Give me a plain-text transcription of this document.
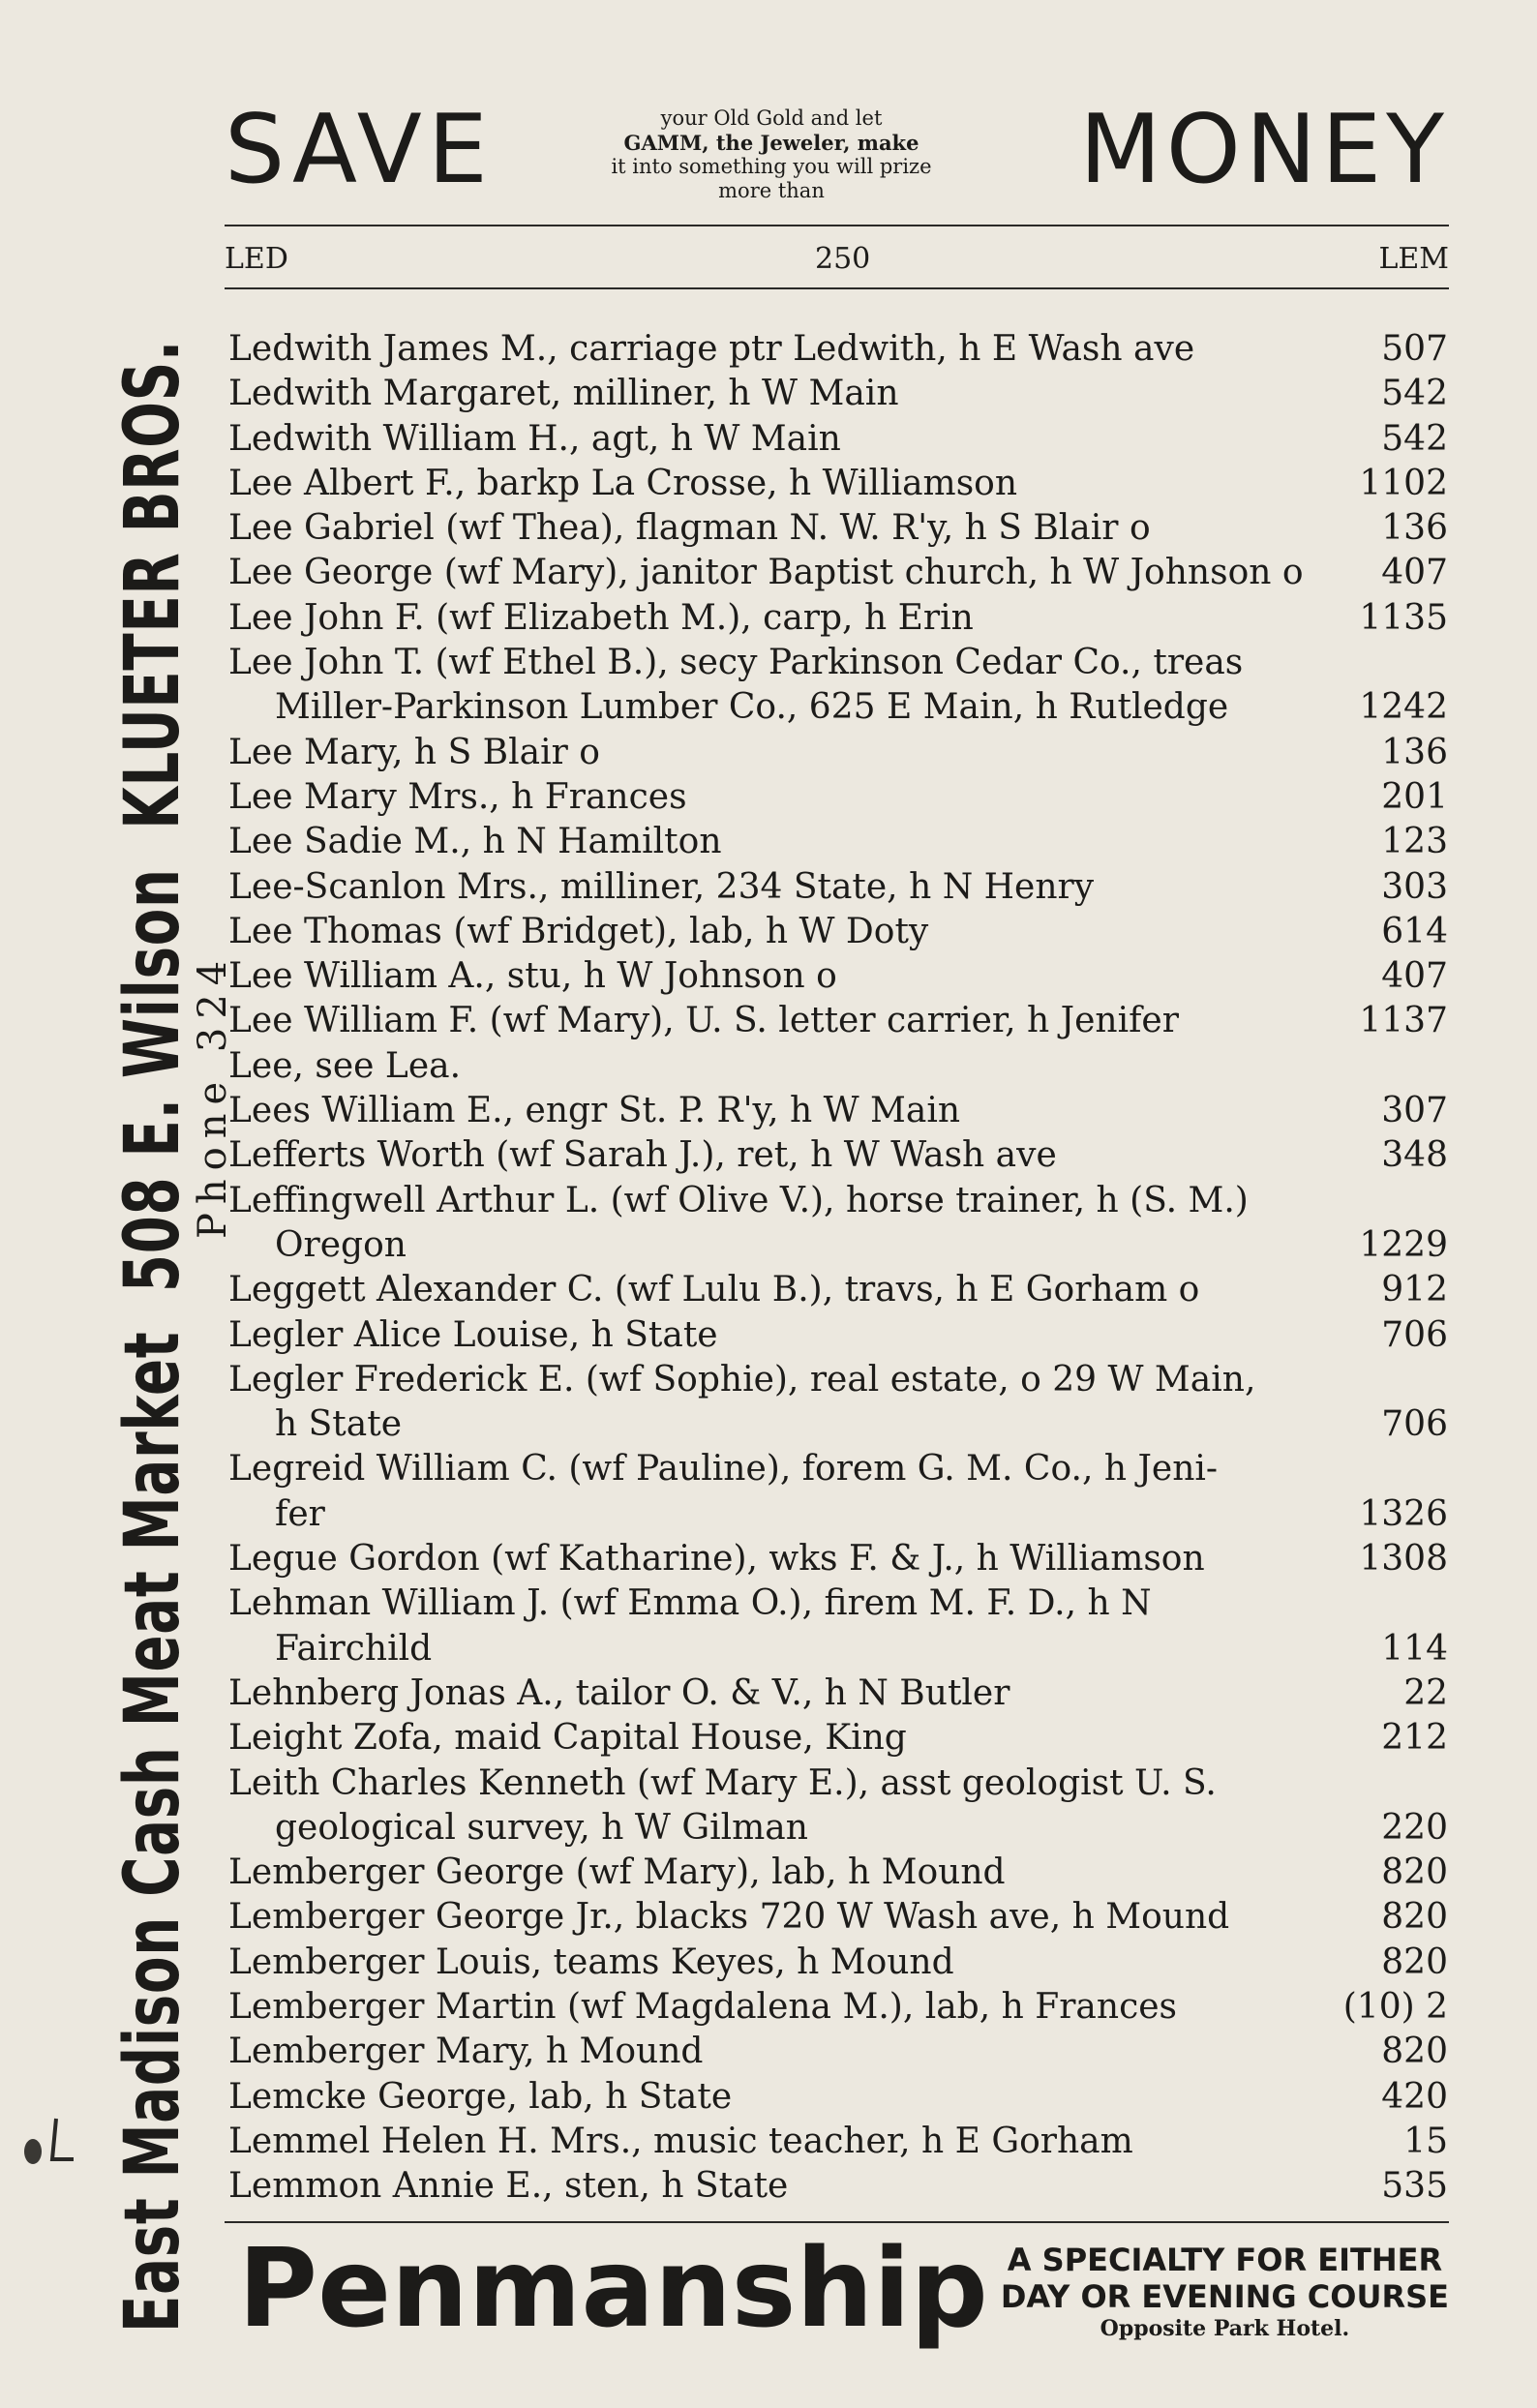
East Madison Cash Meat Market  508 E. Wilson  KLUETER BROS.
Phone 324
SAVE	your Old Gold and let
GAMM, the Jeweler, make
it into something you will prize
more than	MONEY
LED	250	LEM
Ledwith James M., carriage ptr Ledwith, h E Wash ave	507
Ledwith Margaret, milliner, h W Main	542
Ledwith William H., agt, h W Main	542
Lee Albert F., barkp La Crosse, h Williamson	1102
Lee Gabriel (wf Thea), flagman N. W. R'y, h S Blair o	136
Lee George (wf Mary), janitor Baptist church, h W Johnson o 407
Lee John F. (wf Elizabeth M.), carp, h Erin	1135
Lee John T. (wf Ethel B.), secy Parkinson Cedar Co., treas
Miller-Parkinson Lumber Co., 625 E Main, h Rutledge	1242
Lee Mary, h S Blair o	136
Lee Mary Mrs., h Frances	201
Lee Sadie M., h N Hamilton	123
Lee-Scanlon Mrs., milliner, 234 State, h N Henry	303
Lee Thomas (wf Bridget), lab, h W Doty	614
Lee William A., stu, h W Johnson o	407
Lee William F. (wf Mary), U. S. letter carrier, h Jenifer	1137
Lee, see Lea.
Lees William E., engr St. P. R'y, h W Main	307
Lefferts Worth (wf Sarah J.), ret, h W Wash ave	348
Leffingwell Arthur L. (wf Olive V.), horse trainer, h (S. M.)
Oregon	1229
Leggett Alexander C. (wf Lulu B.), travs, h E Gorham o	912
Legler Alice Louise, h State	706
Legler Frederick E. (wf Sophie), real estate, o 29 W Main,
h State	706
Legreid William C. (wf Pauline), forem G. M. Co., h Jeni-
fer	1326
Legue Gordon (wf Katharine), wks F. & J., h Williamson	1308
Lehman William J. (wf Emma O.), firem M. F. D., h N
Fairchild	114
Lehnberg Jonas A., tailor O. & V., h N Butler	22
Leight Zofa, maid Capital House, King	212
Leith Charles Kenneth (wf Mary E.), asst geologist U. S.
geological survey, h W Gilman	220
Lemberger George (wf Mary), lab, h Mound	820
Lemberger George Jr., blacks 720 W Wash ave, h Mound	820
Lemberger Louis, teams Keyes, h Mound	820
Lemberger Martin (wf Magdalena M.), lab, h Frances	(10) 2
Lemberger Mary, h Mound	820
Lemcke George, lab, h State	420
Lemmel Helen H. Mrs., music teacher, h E Gorham	15
Lemmon Annie E., sten, h State	535
Penmanship A SPECIALTY FOR EITHER
DAY OR EVENING COURSE
Opposite Park Hotel.
